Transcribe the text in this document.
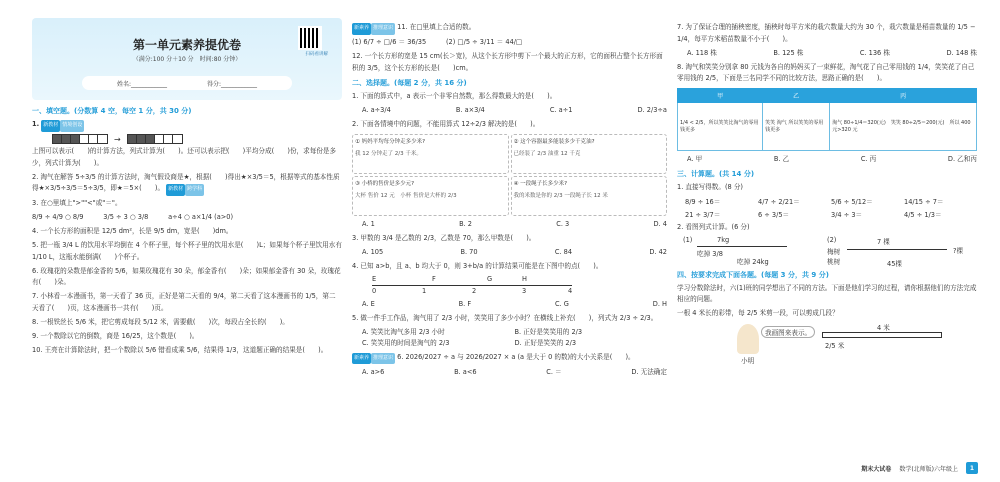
第一单元素养提优卷
（满分:100 分＋10 分　时间:80 分钟）
扫码看讲解
姓名:____________	得分:____________
一、填空题。(分数算 4 空，每空 1 分，共 30 分)
1. 新教材 情境创设
→
上图可以表示(　　)的计算方法，列式计算为(　　)。还可以表示把(　　)平均分成(　　)份，求每份是多少，列式计算为(　　)。
2. 淘气在解答 5÷3/5 的计算方法时，淘气假设商是★，根据(　　)得出★×3/5＝5，根据等式的基本性质得★×3/5÷3/5＝5÷3/5，即★＝5×(　　)。 新教材 跨学科
3. 在○里填上">""<"或"＝"。
8/9 ÷ 4/9 ○ 8/9　　　3/5 ÷ 3 ○ 3/8　　　a÷4 ○ a×1/4 (a>0)
4. 一个长方形的面积是 12/5 dm²，长是 9/5 dm，宽是(　　)dm。
5. 把一瓶 3/4 L 的饮用水平均倒在 4 个杯子里，每个杯子里的饮用水是(　　)L；如果每个杯子里饮用水有 1/10 L，这瓶水能倒满(　　)个杯子。
6. 玫瑰花的朵数是郁金香的 5/6，如果玫瑰花有 30 朵，郁金香有(　　)朵；如果郁金香有 30 朵，玫瑰花有(　　)朵。
7. 小林看一本漫画书，第一天看了 36 页，正好是第二天看的 9/4，第二天看了这本漫画书的 1/5，第二天看了(　　)页，这本漫画书一共有(　　)页。
8. 一根铁丝长 5/6 米，把它剪成每段 5/12 米，需要截(　　)次，每段占全长的(　　)。
9. 一个数除以它的倒数，商是 16/25，这个数是(　　)。
10. 王亮在计算除法时，把一个数除以 5/6 错看成乘 5/6，结果得 1/3，这道题正确的结果是(　　)。
新素养 推理意识 11. 在□里填上合适的数。
(1) 6/7 ÷ □/6 ＝ 36/35　　　(2) □/5 ÷ 3/11 ＝ 44/□
12. 一个长方形的宽是 15 cm(长＞宽)，从这个长方形中剪下一个最大的正方形，它的面积占整个长方形面积的 3/5，这个长方形的长是(　　)cm。
二、选择题。(每题 2 分，共 16 分)
1. 下面的算式中，a 表示一个非零自然数，那么得数最大的是(　　)。
A. a÷3/4	B. a×3/4	C. a÷1	D. 2/3÷a
2. 下面各情境中的问题，不能用算式 12÷2/3 解决的是(　　)。
① 妈妈平均每分钟走多少米?
我 12 分钟走了 2/3 千米。
② 这个容器最多能装多少千克油?
已经装了 2/3 油重 12 千克
③ 小桥的售价是多少元?
大杯 售价 12 元　小杯 售价是大杯的 2/3
④ 一段绳子长多少米?
我的米数是你的 2/3 一段绳子长 12 米
A. 1	B. 2	C. 3	D. 4
3. 甲数的 3/4 是乙数的 2/3，乙数是 70，那么甲数是(　　)。
A. 105	B. 70	C. 84	D. 42
4. 已知 a>b，且 a、b 均大于 0，则 3+b/a 的计算结果可能是在下图中的点(　　)。
E	F	G	H
0	1	2	3	4
A. E	B. F	C. G	D. H
5. 做一件手工作品，淘气用了 2/3 小时，笑笑用了多少小时？在横线上补充(　　)，列式为 2/3 ÷ 2/3。
A. 笑笑比淘气多用 2/3 小时	B. 正好是笑笑用的 2/3
C. 笑笑用的时间是淘气的 2/3	D. 正好是笑笑的 2/3
新素养 推理意识 6. 2026/2027 ÷ a 与 2026/2027 × a (a 是大于 0 的数)的大小关系是(　　)。
A. a>6	B. a<6	C. ＝	D. 无法确定
7. 为了保证合理的插秧密度，插秧时每平方米的栽穴数量大约为 30 个，栽穴数量是稻苗数量的 1/5 − 1/4，每平方米稻苗数量不小于(　　)。
A. 118 株	B. 125 株	C. 136 株	D. 148 株
8. 淘气和笑笑分别拿 80 元钱为各自的妈妈买了一束鲜花，淘气花了自己零用钱的 1/4，笑笑花了自己零用钱的 2/5，下面是三名同学不同的比较方法，思路正确的是(　　)。
甲	乙	丙
1/4 < 2/5，所以笑笑比淘气的零用钱更多	笑笑 淘气 所以笑笑的零用钱更多	淘气 80÷1/4＝320(元)　笑笑 80÷2/5＝200(元)　所以 400 元>320 元
A. 甲	B. 乙	C. 丙	D. 乙和丙
三、计算题。(共 14 分)
1. 直接写得数。(8 分)
8/9 ÷ 16＝	4/7 ÷ 2/21＝	5/6 ÷ 5/12＝	14/15 ÷ 7＝
21 ÷ 3/7＝	6 ÷ 3/5＝	3/4 ÷ 3＝	4/5 ÷ 1/3＝
2. 看图列式计算。(6 分)
(1)	7kg
吃掉 3/8
吃掉 24kg
(2)	7 棵
梅树	?棵
桃树	45棵
四、按要求完成下面各题。(每题 3 分，共 9 分)
学习分数除法时，六(1)班的同学想出了不同的方法。下面是他们学习的过程，请你根据他们的方法完成相应的问题。
一根 4 米长的彩带，每 2/5 米剪一段，可以剪成几段？
我画图来表示。
小明
4 米
2/5 米
期末大试卷 数学(北师版)六年级上	1
